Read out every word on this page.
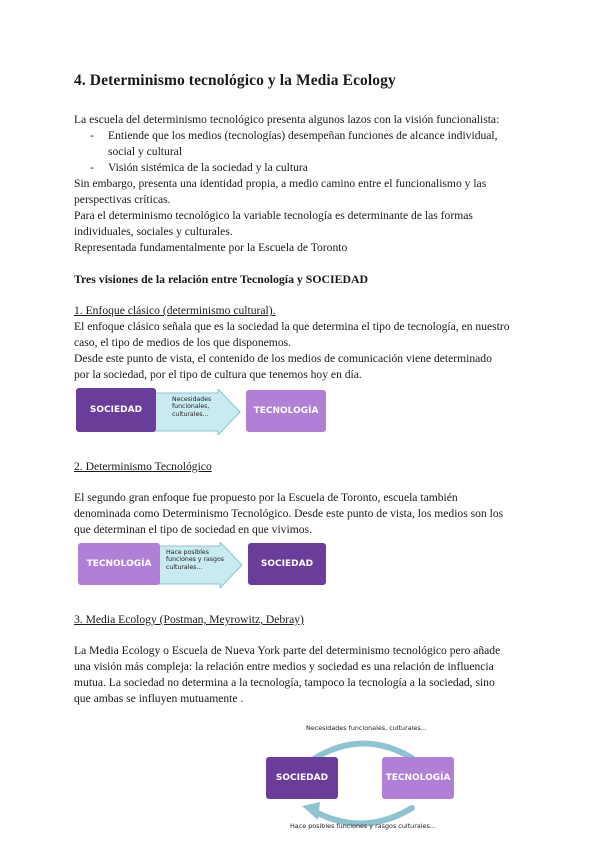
4. Determinismo tecnológico y la Media Ecology
La escuela del determinismo tecnológico presenta algunos lazos con la visión funcionalista:
- Entiende que los medios (tecnologías) desempeñan funciones de alcance individual,
social y cultural
- Visión sistémica de la sociedad y la cultura
Sin embargo, presenta una identidad propia, a medio camino entre el funcionalismo y las
perspectivas críticas.
Para el determinismo tecnológico la variable tecnología es determinante de las formas
individuales, sociales y culturales.
Representada fundamentalmente por la Escuela de Toronto
Tres visiones de la relación entre Tecnología y SOCIEDAD
1. Enfoque clásico (determinismo cultural).
El enfoque clásico señala que es la sociedad la que determina el tipo de tecnología, en nuestro
caso, el tipo de medios de los que disponemos.
Desde este punto de vista, el contenido de los medios de comunicación viene determinado
por la sociedad, por el tipo de cultura que tenemos hoy en día.
SOCIEDAD
Necesidades
funcionales,
culturales...	TECNOLOGÍA
2. Determinismo Tecnológico
El segundo gran enfoque fue propuesto por la Escuela de Toronto, escuela también
denominada como Determinismo Tecnológico. Desde este punto de vista, los medios son los
que determinan el tipo de sociedad en que vivimos.
TECNOLOGÍA
Hace posibles
funciones y rasgos
culturales...	SOCIEDAD
3. Media Ecology (Postman, Meyrowitz, Debray)
La Media Ecology o Escuela de Nueva York parte del determinismo tecnológico pero añade
una visión más compleja: la relación entre medios y sociedad es una relación de influencia
mutua. La sociedad no determina a la tecnología, tampoco la tecnología a la sociedad, sino
que ambas se influyen mutuamente .
Necesidades funcionales, culturales...
SOCIEDAD	TECNOLOGÍA
Hace posibles funciones y rasgos culturales...
